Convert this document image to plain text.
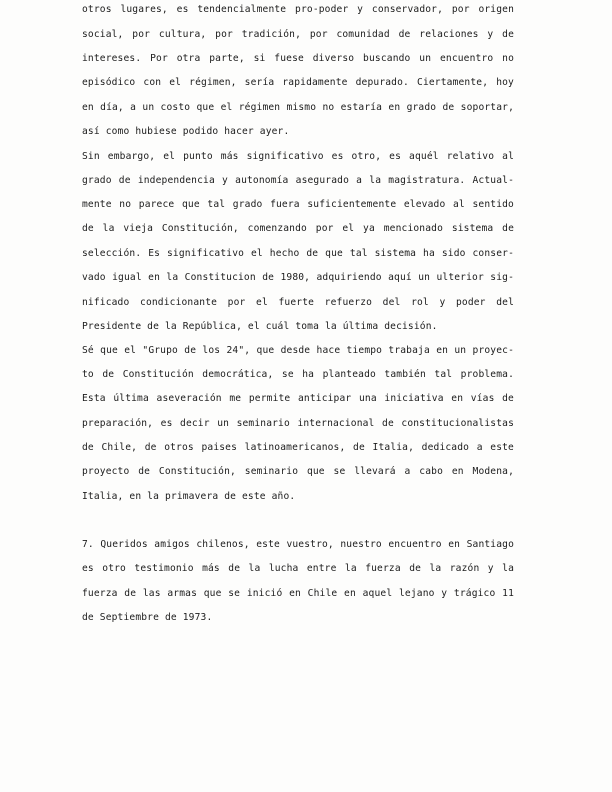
otros lugares, es tendencialmente pro-poder y conservador, por origen
social, por cultura, por tradición, por comunidad de relaciones y de
intereses. Por otra parte, si fuese diverso buscando un encuentro no
episódico con el régimen, sería rapidamente depurado. Ciertamente, hoy
en día, a un costo que el régimen mismo no estaría en grado de soportar,
así como hubiese podido hacer ayer.
Sin embargo, el punto más significativo es otro, es aquél relativo al
grado de independencia y autonomía asegurado a la magistratura. Actual-
mente no parece que tal grado fuera suficientemente elevado al sentido
de la vieja Constitución, comenzando por el ya mencionado sistema de
selección. Es significativo el hecho de que tal sistema ha sido conser-
vado igual en la Constitucion de 1980, adquiriendo aquí un ulterior sig-
nificado condicionante por el fuerte refuerzo del rol y poder del
Presidente de la República, el cuál toma la última decisión.
Sé que el "Grupo de los 24", que desde hace tiempo trabaja en un proyec-
to de Constitución democrática, se ha planteado también tal problema.
Esta última aseveración me permite anticipar una iniciativa en vías de
preparación, es decir un seminario internacional de constitucionalistas
de Chile, de otros paises latinoamericanos, de Italia, dedicado a este
proyecto de Constitución, seminario que se llevará a cabo en Modena,
Italia, en la primavera de este año.
7. Queridos amigos chilenos, este vuestro, nuestro encuentro en Santiago
es otro testimonio más de la lucha entre la fuerza de la razón y la
fuerza de las armas que se inició en Chile en aquel lejano y trágico 11
de Septiembre de 1973.
